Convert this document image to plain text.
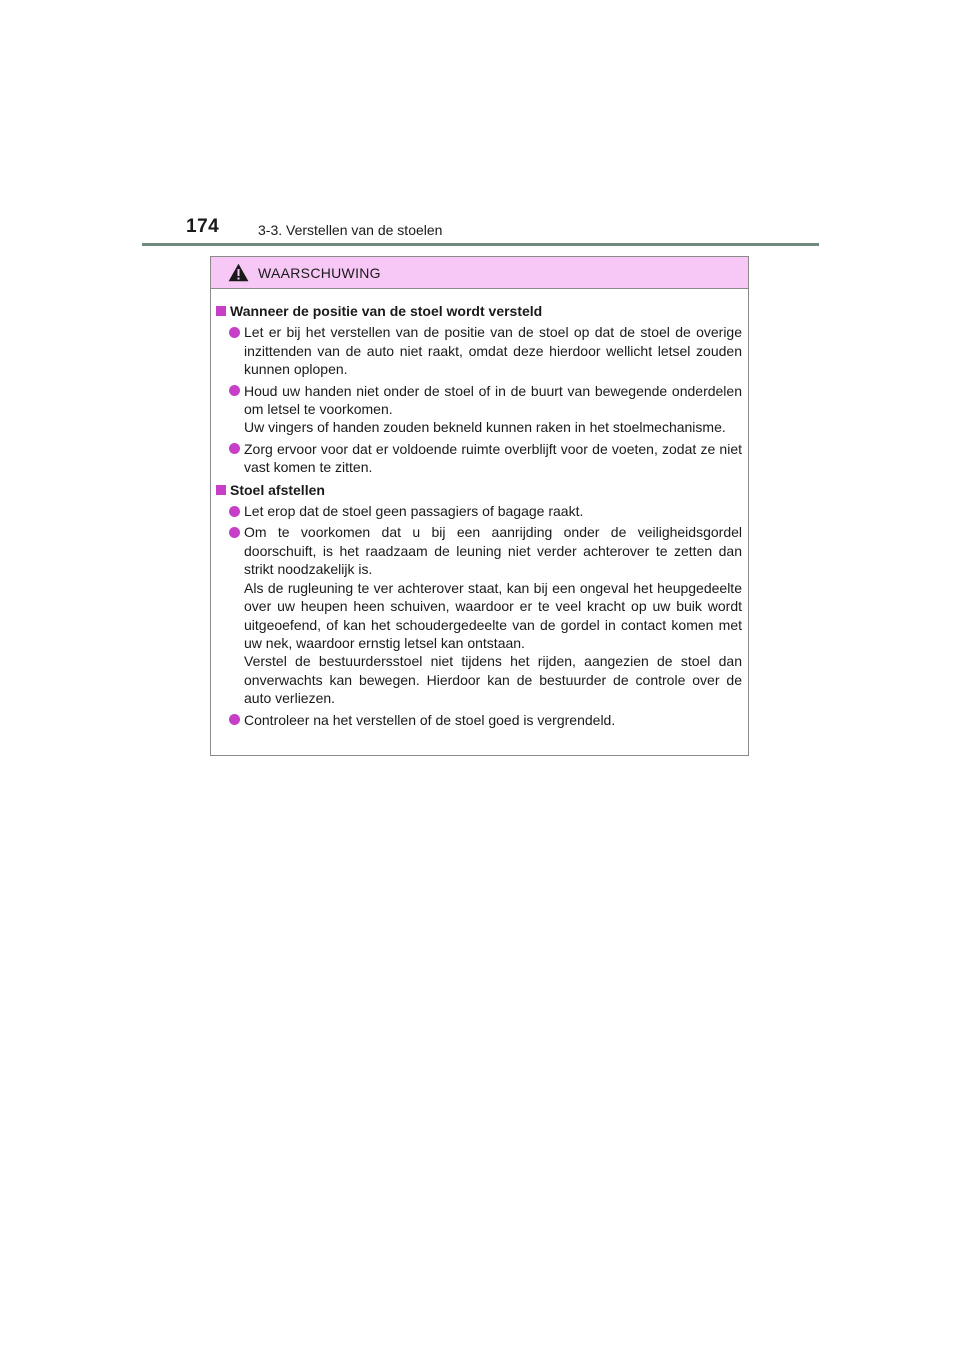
174	3-3. Verstellen van de stoelen
WAARSCHUWING
Wanneer de positie van de stoel wordt versteld
Let er bij het verstellen van de positie van de stoel op dat de stoel de overige inzittenden van de auto niet raakt, omdat deze hierdoor wellicht letsel zouden kunnen oplopen.
Houd uw handen niet onder de stoel of in de buurt van bewegende onderdelen om letsel te voorkomen.
Uw vingers of handen zouden bekneld kunnen raken in het stoelmechanisme.
Zorg ervoor voor dat er voldoende ruimte overblijft voor de voeten, zodat ze niet vast komen te zitten.
Stoel afstellen
Let erop dat de stoel geen passagiers of bagage raakt.
Om te voorkomen dat u bij een aanrijding onder de veiligheidsgordel doorschuift, is het raadzaam de leuning niet verder achterover te zetten dan strikt noodzakelijk is.
Als de rugleuning te ver achterover staat, kan bij een ongeval het heupgedeelte over uw heupen heen schuiven, waardoor er te veel kracht op uw buik wordt uitgeoefend, of kan het schoudergedeelte van de gordel in contact komen met uw nek, waardoor ernstig letsel kan ontstaan.
Verstel de bestuurdersstoel niet tijdens het rijden, aangezien de stoel dan onverwachts kan bewegen. Hierdoor kan de bestuurder de controle over de auto verliezen.
Controleer na het verstellen of de stoel goed is vergrendeld.
